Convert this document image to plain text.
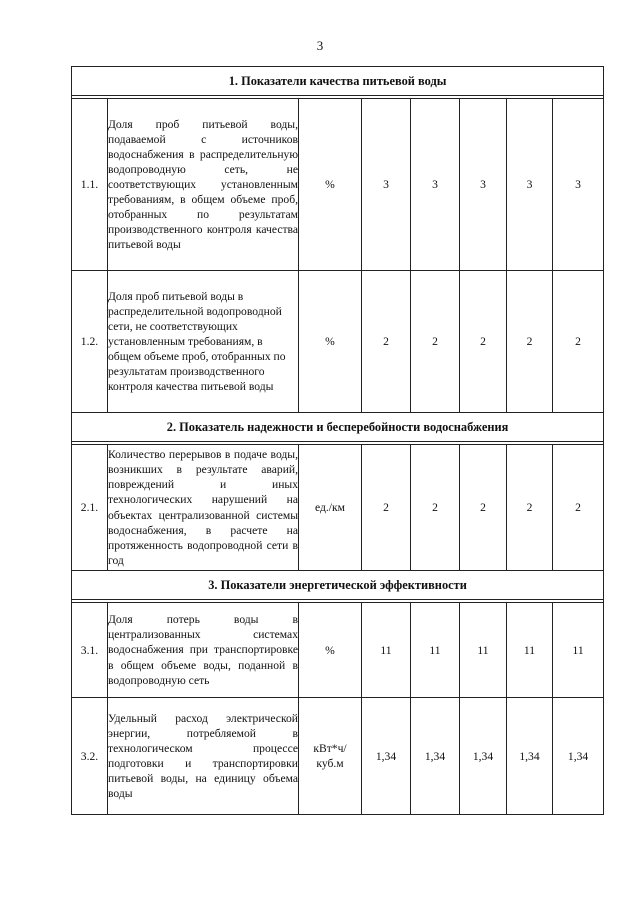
3
1. Показатели качества питьевой воды							

1.1.	Доля проб питьевой воды, подаваемой с источников водоснабжения в распределительную водопроводную сеть, не соответствующих установленным требованиям, в общем объеме проб, отобранных по результатам производственного контроля качества питьевой воды	%	3	3	3	3	3
1.2.	Доля проб питьевой воды в распределительной водопроводной сети, не соответствующих установленным требованиям, в общем объеме проб, отобранных по результатам производственного контроля качества питьевой воды	%	2	2	2	2	2
2. Показатель надежности и бесперебойности водоснабжения							

2.1.	Количество перерывов в подаче воды, возникших в результате аварий, повреждений и иных технологических нарушений на объектах централизованной системы водоснабжения, в расчете на протяженность водопроводной сети в год	ед./км	2	2	2	2	2
3. Показатели энергетической эффективности							

3.1.	Доля потерь воды в централизованных системах водоснабжения при транспортировке в общем объеме воды, поданной в водопроводную сеть	%	11	11	11	11	11
3.2.	Удельный расход электрической энергии, потребляемой в технологическом процессе подготовки и транспортировки питьевой воды, на единицу объема воды	кВт*ч/ куб.м	1,34	1,34	1,34	1,34	1,34
